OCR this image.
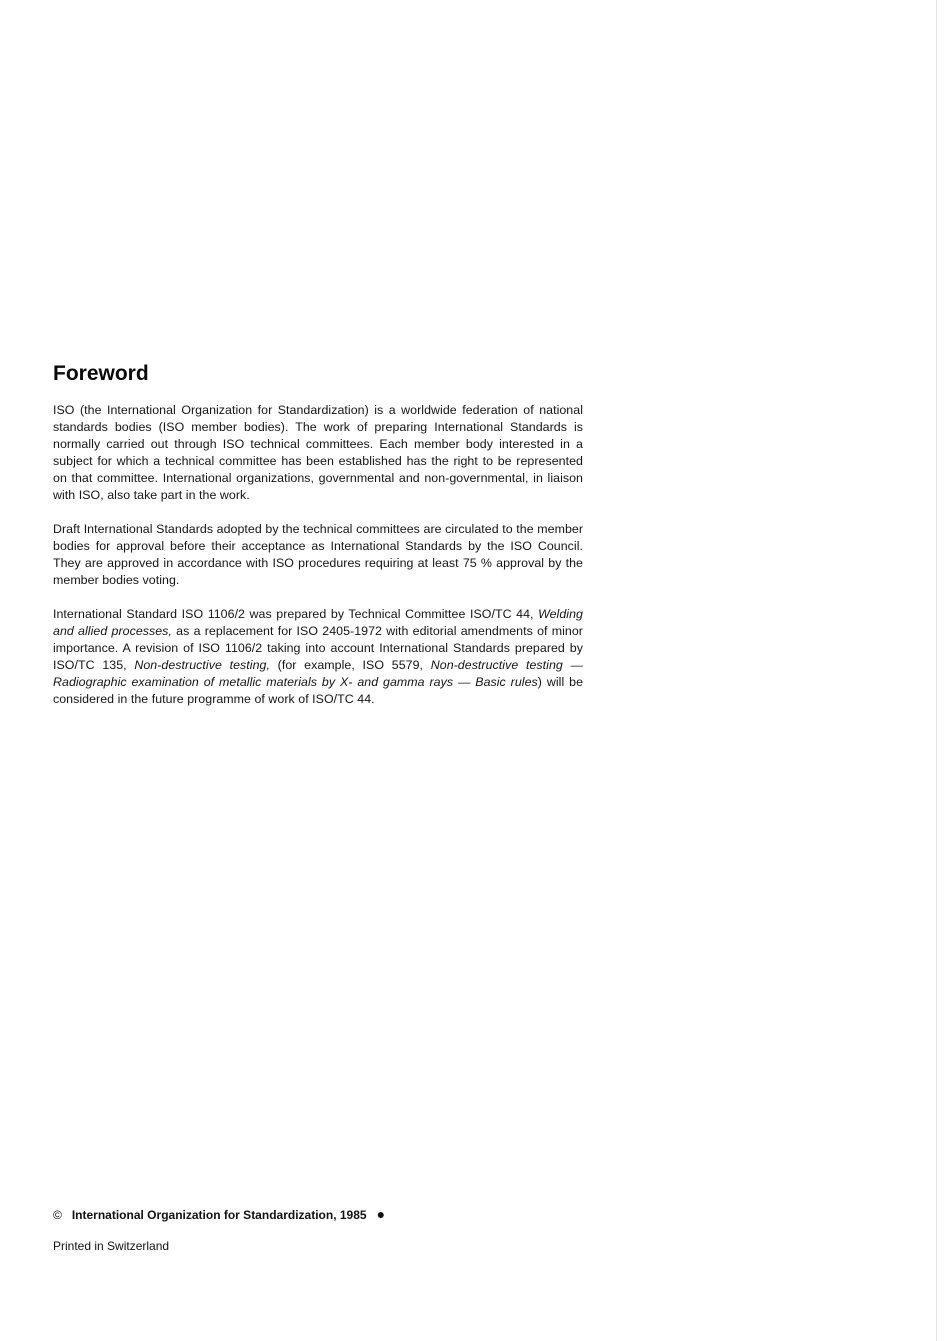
Foreword

ISO (the International Organization for Standardization) is a worldwide federation of national standards bodies (ISO member bodies). The work of preparing International Standards is normally carried out through ISO technical committees. Each member body interested in a subject for which a technical committee has been established has the right to be represented on that committee. International organizations, governmental and non-governmental, in liaison with ISO, also take part in the work.

Draft International Standards adopted by the technical committees are circulated to the member bodies for approval before their acceptance as International Standards by the ISO Council. They are approved in accordance with ISO procedures requiring at least 75 % approval by the member bodies voting.

International Standard ISO 1106/2 was prepared by Technical Committee ISO/TC 44, Welding and allied processes, as a replacement for ISO 2405-1972 with editorial amendments of minor importance. A revision of ISO 1106/2 taking into account International Standards prepared by ISO/TC 135, Non-destructive testing, (for example, ISO 5579, Non-destructive testing — Radiographic examination of metallic materials by X- and gamma rays — Basic rules) will be considered in the future programme of work of ISO/TC 44.

© International Organization for Standardization, 1985 ●
Printed in Switzerland
